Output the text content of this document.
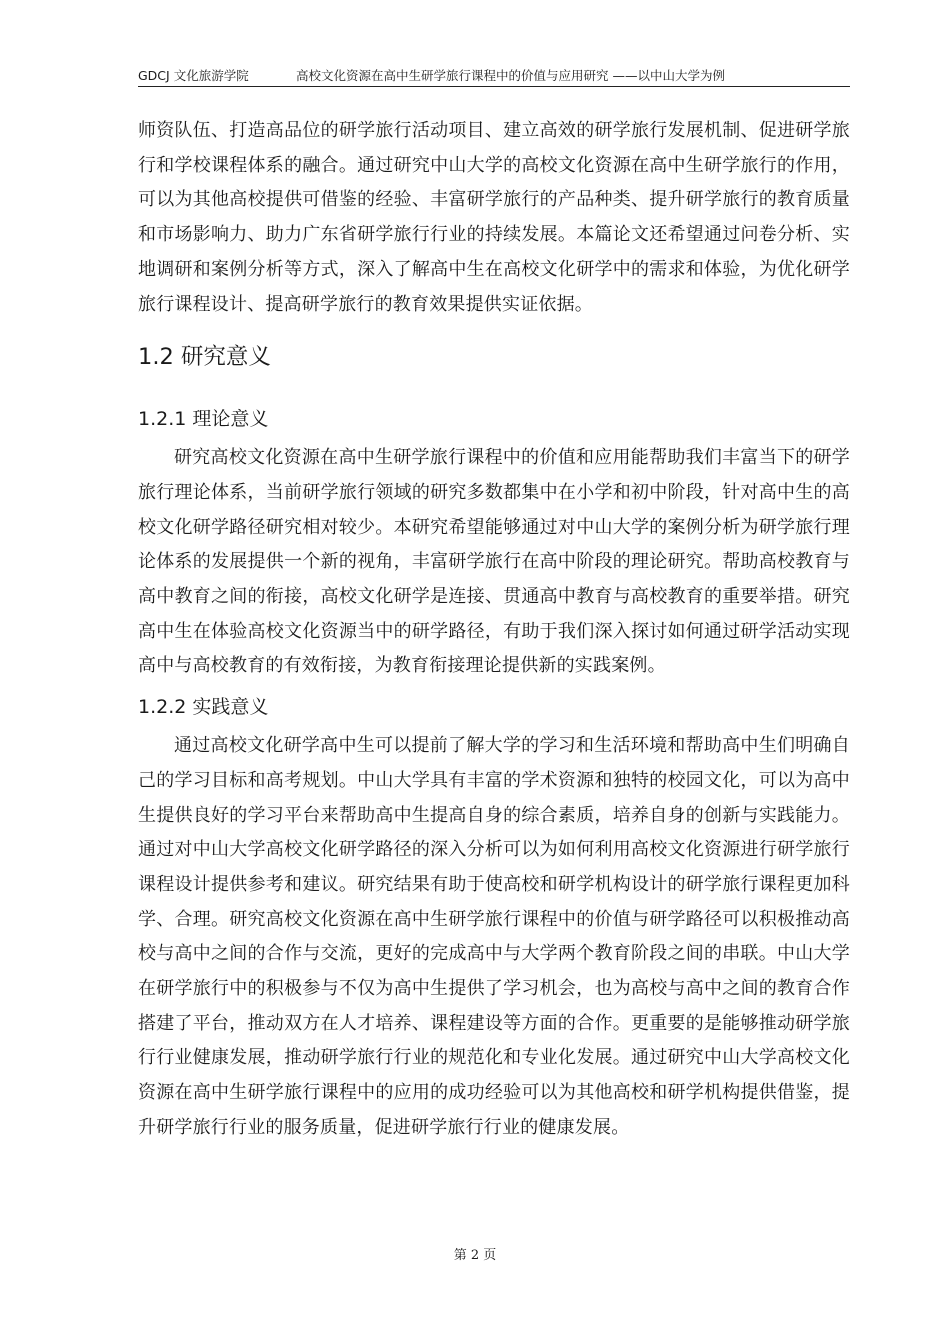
GDCJ 文化旅游学院	高校文化资源在高中生研学旅行课程中的价值与应用研究 ——以中山大学为例

师资队伍、打造高品位的研学旅行活动项目、建立高效的研学旅行发展机制、促进研学旅行和学校课程体系的融合。通过研究中山大学的高校文化资源在高中生研学旅行的作用，可以为其他高校提供可借鉴的经验、丰富研学旅行的产品种类、提升研学旅行的教育质量和市场影响力、助力广东省研学旅行行业的持续发展。本篇论文还希望通过问卷分析、实地调研和案例分析等方式，深入了解高中生在高校文化研学中的需求和体验，为优化研学旅行课程设计、提高研学旅行的教育效果提供实证依据。

1.2 研究意义
1.2.1 理论意义

研究高校文化资源在高中生研学旅行课程中的价值和应用能帮助我们丰富当下的研学旅行理论体系，当前研学旅行领域的研究多数都集中在小学和初中阶段，针对高中生的高校文化研学路径研究相对较少。本研究希望能够通过对中山大学的案例分析为研学旅行理论体系的发展提供一个新的视角，丰富研学旅行在高中阶段的理论研究。帮助高校教育与高中教育之间的衔接，高校文化研学是连接、贯通高中教育与高校教育的重要举措。研究高中生在体验高校文化资源当中的研学路径，有助于我们深入探讨如何通过研学活动实现高中与高校教育的有效衔接，为教育衔接理论提供新的实践案例。

1.2.2 实践意义

通过高校文化研学高中生可以提前了解大学的学习和生活环境和帮助高中生们明确自己的学习目标和高考规划。中山大学具有丰富的学术资源和独特的校园文化，可以为高中生提供良好的学习平台来帮助高中生提高自身的综合素质，培养自身的创新与实践能力。通过对中山大学高校文化研学路径的深入分析可以为如何利用高校文化资源进行研学旅行课程设计提供参考和建议。研究结果有助于使高校和研学机构设计的研学旅行课程更加科学、合理。研究高校文化资源在高中生研学旅行课程中的价值与研学路径可以积极推动高校与高中之间的合作与交流，更好的完成高中与大学两个教育阶段之间的串联。中山大学在研学旅行中的积极参与不仅为高中生提供了学习机会，也为高校与高中之间的教育合作搭建了平台，推动双方在人才培养、课程建设等方面的合作。更重要的是能够推动研学旅行行业健康发展，推动研学旅行行业的规范化和专业化发展。通过研究中山大学高校文化资源在高中生研学旅行课程中的应用的成功经验可以为其他高校和研学机构提供借鉴，提升研学旅行行业的服务质量，促进研学旅行行业的健康发展。

第 2 页
